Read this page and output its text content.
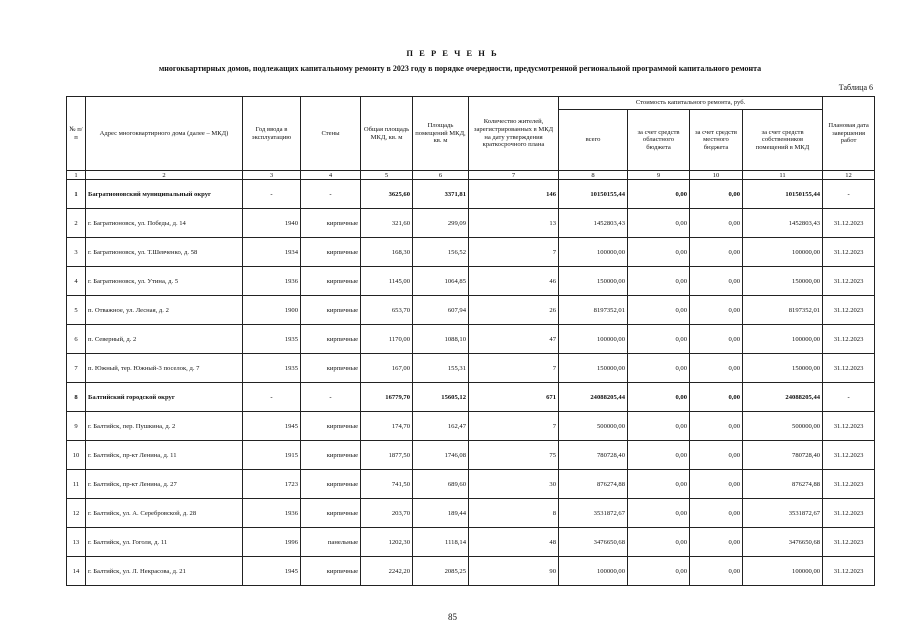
П Е Р Е Ч Е Н Ь
многоквартирных домов, подлежащих капитальному ремонту в 2023 году в порядке очередности, предусмотренной региональной программой капитального ремонта
Таблица 6
№ п/п	Адрес многоквартирного дома (далее – МКД)	Год ввода в эксплуатацию	Стены	Общая площадь МКД, кв. м	Площадь помещений МКД, кв. м	Количество жителей, зарегистрированных в МКД на дату утверждения краткосрочного плана	Стоимость капитального ремонта, руб.				Плановая дата завершения работ
							всего	за счет средств областного бюджета	за счет средств местного бюджета	за счет средств собственников помещений в МКД	
1	2	3	4	5	6	7	8	9	10	11	12
1	Багратионовский муниципальный округ	-	-	3625,60	3371,81	146	10150155,44	0,00	0,00	10150155,44	-
2	г. Багратионовск, ул. Победы, д. 14	1940	кирпичные	321,60	299,09	13	1452803,43	0,00	0,00	1452803,43	31.12.2023
3	г. Багратионовск, ул. Т.Шевченко, д. 58	1934	кирпичные	168,30	156,52	7	100000,00	0,00	0,00	100000,00	31.12.2023
4	г. Багратионовск, ул. Утина, д. 5	1936	кирпичные	1145,00	1064,85	46	150000,00	0,00	0,00	150000,00	31.12.2023
5	п. Отважное, ул. Лесная, д. 2	1900	кирпичные	653,70	607,94	26	8197352,01	0,00	0,00	8197352,01	31.12.2023
6	п. Северный, д. 2	1935	кирпичные	1170,00	1088,10	47	100000,00	0,00	0,00	100000,00	31.12.2023
7	п. Южный, тер. Южный-3 поселок, д. 7	1935	кирпичные	167,00	155,31	7	150000,00	0,00	0,00	150000,00	31.12.2023
8	Балтийский городской округ	-	-	16779,70	15605,12	671	24088205,44	0,00	0,00	24088205,44	-
9	г. Балтийск, пер. Пушкина, д. 2	1945	кирпичные	174,70	162,47	7	500000,00	0,00	0,00	500000,00	31.12.2023
10	г. Балтийск, пр-кт Ленина, д. 11	1915	кирпичные	1877,50	1746,08	75	780728,40	0,00	0,00	780728,40	31.12.2023
11	г. Балтийск, пр-кт Ленина, д. 27	1723	кирпичные	741,50	689,60	30	876274,88	0,00	0,00	876274,88	31.12.2023
12	г. Балтийск, ул. А. Серебровской, д. 28	1936	кирпичные	203,70	189,44	8	3531872,67	0,00	0,00	3531872,67	31.12.2023
13	г. Балтийск, ул. Гоголя, д. 11	1996	панельные	1202,30	1118,14	48	3476650,68	0,00	0,00	3476650,68	31.12.2023
14	г. Балтийск, ул. Л. Некрасова, д. 21	1945	кирпичные	2242,20	2085,25	90	100000,00	0,00	0,00	100000,00	31.12.2023
85
